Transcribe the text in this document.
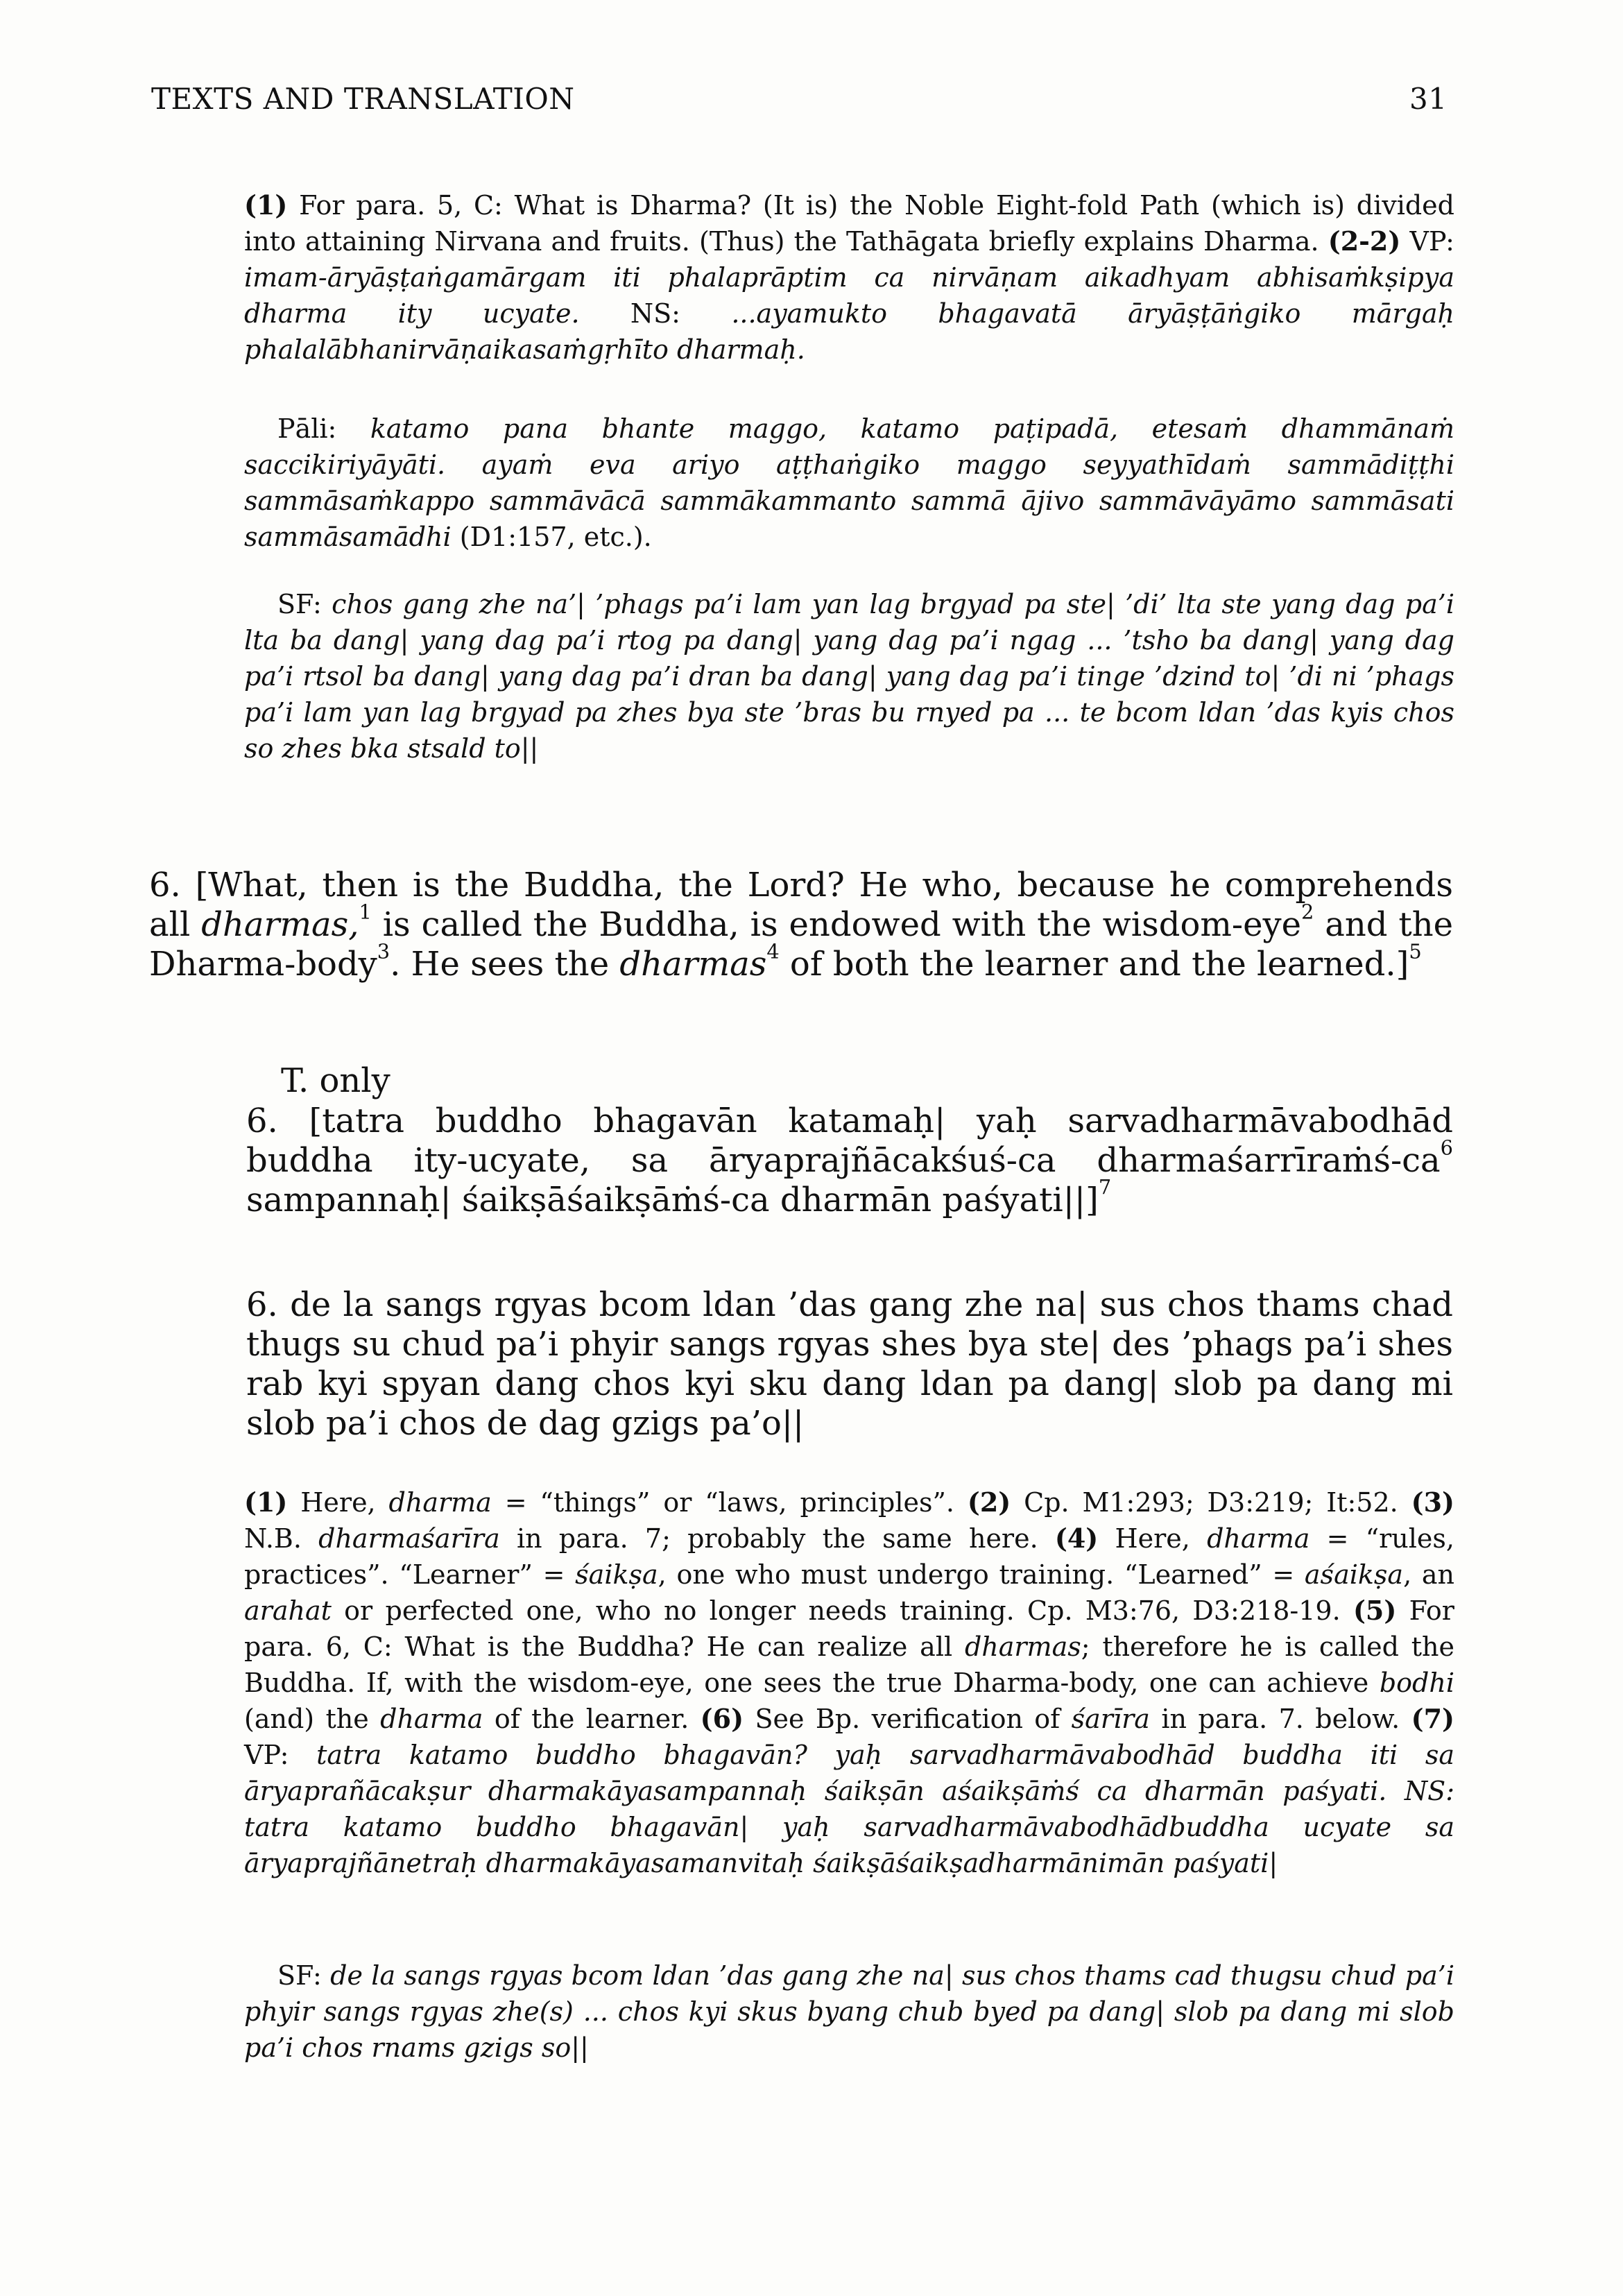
TEXTS AND TRANSLATION	31

(1) For para. 5, C: What is Dharma? (It is) the Noble Eight-fold Path (which is) divided into attaining Nirvana and fruits. (Thus) the Tathāgata briefly explains Dharma. (2-2) VP: imam-āryāṣṭaṅgamārgam iti phalaprāptim ca nirvāṇam aikadhyam abhisaṁkṣipya dharma ity ucyate. NS: ...ayamukto bhagavatā āryāṣṭāṅgiko mārgaḥ phalalābhanirvāṇaikasaṁgṛhīto dharmaḥ.

Pāli: katamo pana bhante maggo, katamo paṭipadā, etesaṁ dhammānaṁ saccikiriyāyāti. ayaṁ eva ariyo aṭṭhaṅgiko maggo seyyathīdaṁ sammādiṭṭhi sammāsaṁkappo sammāvācā sammākammanto sammā ājivo sammāvāyāmo sammāsati sammāsamādhi (D1:157, etc.).

SF: chos gang zhe na’| ’phags pa’i lam yan lag brgyad pa ste| ’di’ lta ste yang dag pa’i lta ba dang| yang dag pa’i rtog pa dang| yang dag pa’i ngag ... ’tsho ba dang| yang dag pa’i rtsol ba dang| yang dag pa’i dran ba dang| yang dag pa’i tinge ’dzind to| ’di ni ’phags pa’i lam yan lag brgyad pa zhes bya ste ’bras bu rnyed pa ... te bcom ldan ’das kyis chos so zhes bka stsald to||

6. [What, then is the Buddha, the Lord? He who, because he comprehends all dharmas,$^1$ is called the Buddha, is endowed with the wisdom-eye$^2$ and the Dharma-body$^3$. He sees the dharmas$^4$ of both the learner and the learned.]$^5$

T. only

6. [tatra buddho bhagavān katamaḥ| yaḥ sarvadharmāvabodhād buddha ity-ucyate, sa āryaprajñācakśuś-ca dharmaśarrīraṁś-$ca^6$ sampannaḥ| śaikṣāśaikṣāṁś-ca dharmān paśyati||]$^7$

6. de la sangs rgyas bcom ldan ’das gang zhe na| sus chos thams chad thugs su chud pa’i phyir sangs rgyas shes bya ste| des ’phags pa’i shes rab kyi spyan dang chos kyi sku dang ldan pa dang| slob pa dang mi slob pa’i chos de dag gzigs pa’o||

(1) Here, dharma = “things” or “laws, principles”. (2) Cp. M1:293; D3:219; It:52. (3) N.B. dharmaśarīra in para. 7; probably the same here. (4) Here, dharma = “rules, practices”. “Learner” = śaikṣa, one who must undergo training. “Learned” = aśaikṣa, an arahat or perfected one, who no longer needs training. Cp. M3:76, D3:218-19. (5) For para. 6, C: What is the Buddha? He can realize all dharmas; therefore he is called the Buddha. If, with the wisdom-eye, one sees the true Dharma-body, one can achieve bodhi (and) the dharma of the learner. (6) See Bp. verification of śarīra in para. 7. below. (7) VP: tatra katamo buddho bhagavān? yaḥ sarvadharmāvabodhād buddha iti sa āryaprañācakṣur dharmakāyasampannaḥ śaikṣān aśaikṣāṁś ca dharmān paśyati. NS: tatra katamo buddho bhagavān| yaḥ sarvadharmāvabodhādbuddha ucyate sa āryaprajñānetraḥ dharmakāyasamanvitaḥ śaikṣāśaikṣadharmānimān paśyati|

SF: de la sangs rgyas bcom ldan ’das gang zhe na| sus chos thams cad thugsu chud pa’i phyir sangs rgyas zhe(s) ... chos kyi skus byang chub byed pa dang| slob pa dang mi slob pa’i chos rnams gzigs so||
